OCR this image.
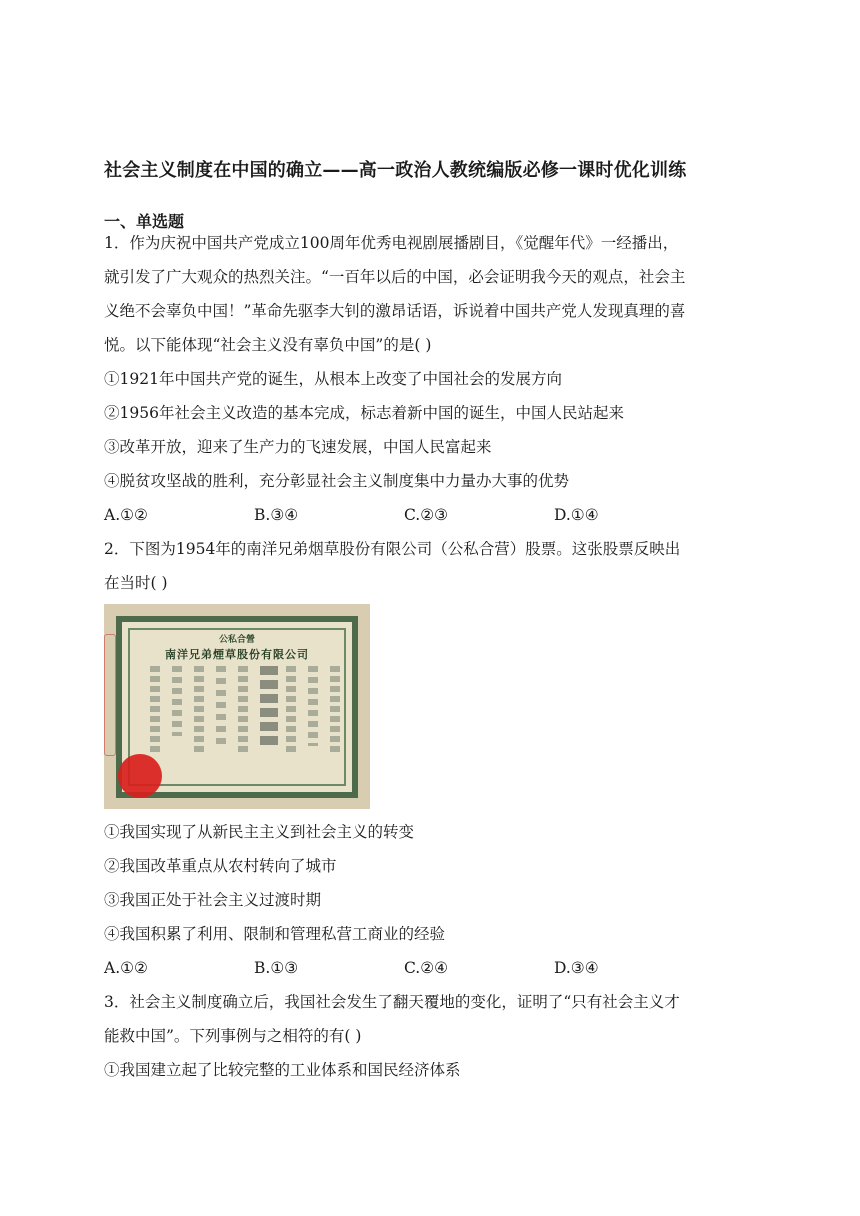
社会主义制度在中国的确立——高一政治人教统编版必修一课时优化训练
一、单选题
1．作为庆祝中国共产党成立100周年优秀电视剧展播剧目，《觉醒年代》一经播出，
就引发了广大观众的热烈关注。“一百年以后的中国，必会证明我今天的观点，社会主
义绝不会辜负中国！”革命先驱李大钊的激昂话语，诉说着中国共产党人发现真理的喜
悦。以下能体现“社会主义没有辜负中国”的是( )
①1921年中国共产党的诞生，从根本上改变了中国社会的发展方向
②1956年社会主义改造的基本完成，标志着新中国的诞生，中国人民站起来
③改革开放，迎来了生产力的飞速发展，中国人民富起来
④脱贫攻坚战的胜利，充分彰显社会主义制度集中力量办大事的优势
A.①②	B.③④	C.②③	D.①④
2．下图为1954年的南洋兄弟烟草股份有限公司（公私合营）股票。这张股票反映出
在当时( )
公私合營
南洋兄弟煙草股份有限公司
①我国实现了从新民主主义到社会主义的转变
②我国改革重点从农村转向了城市
③我国正处于社会主义过渡时期
④我国积累了利用、限制和管理私营工商业的经验
A.①②	B.①③	C.②④	D.③④
3．社会主义制度确立后，我国社会发生了翻天覆地的变化，证明了“只有社会主义才
能救中国”。下列事例与之相符的有( )
①我国建立起了比较完整的工业体系和国民经济体系
